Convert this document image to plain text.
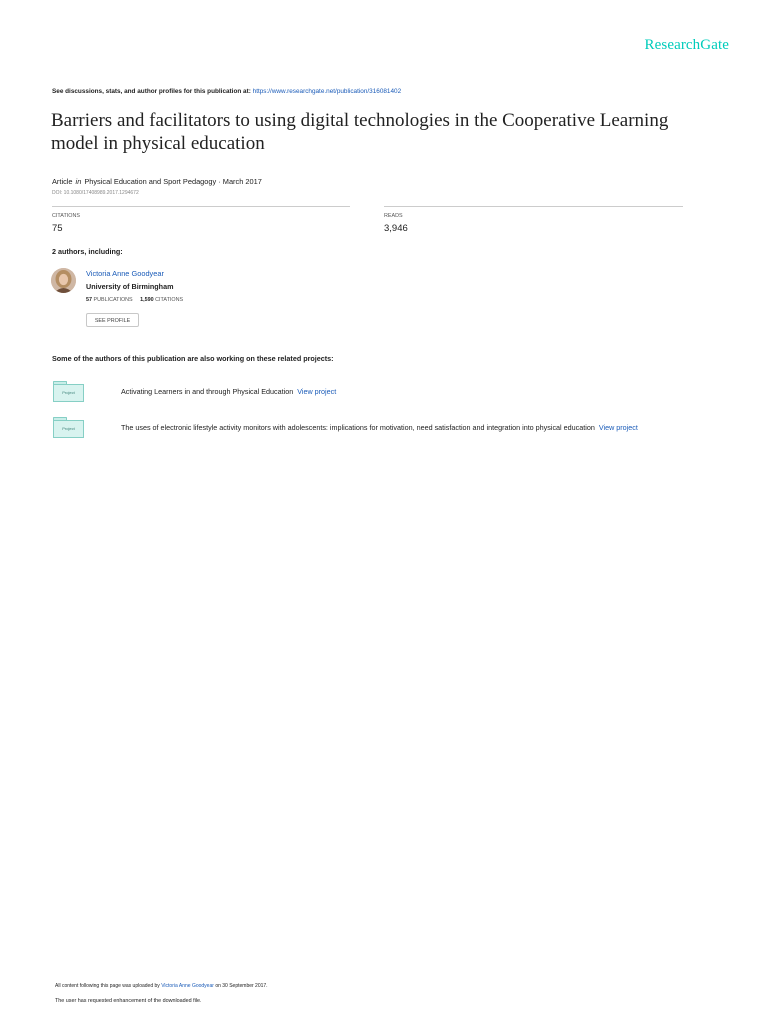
ResearchGate
See discussions, stats, and author profiles for this publication at: https://www.researchgate.net/publication/316081402
Barriers and facilitators to using digital technologies in the Cooperative Learning model in physical education
Article in Physical Education and Sport Pedagogy · March 2017
DOI: 10.1080/17408989.2017.1294672
CITATIONS
75
READS
3,946
2 authors, including:
Victoria Anne Goodyear
University of Birmingham
57 PUBLICATIONS 1,590 CITATIONS
SEE PROFILE
Some of the authors of this publication are also working on these related projects:
Project	Activating Learners in and through Physical Education View project
Project	The uses of electronic lifestyle activity monitors with adolescents: implications for motivation, need satisfaction and integration into physical education View project
All content following this page was uploaded by Victoria Anne Goodyear on 30 September 2017.
The user has requested enhancement of the downloaded file.
